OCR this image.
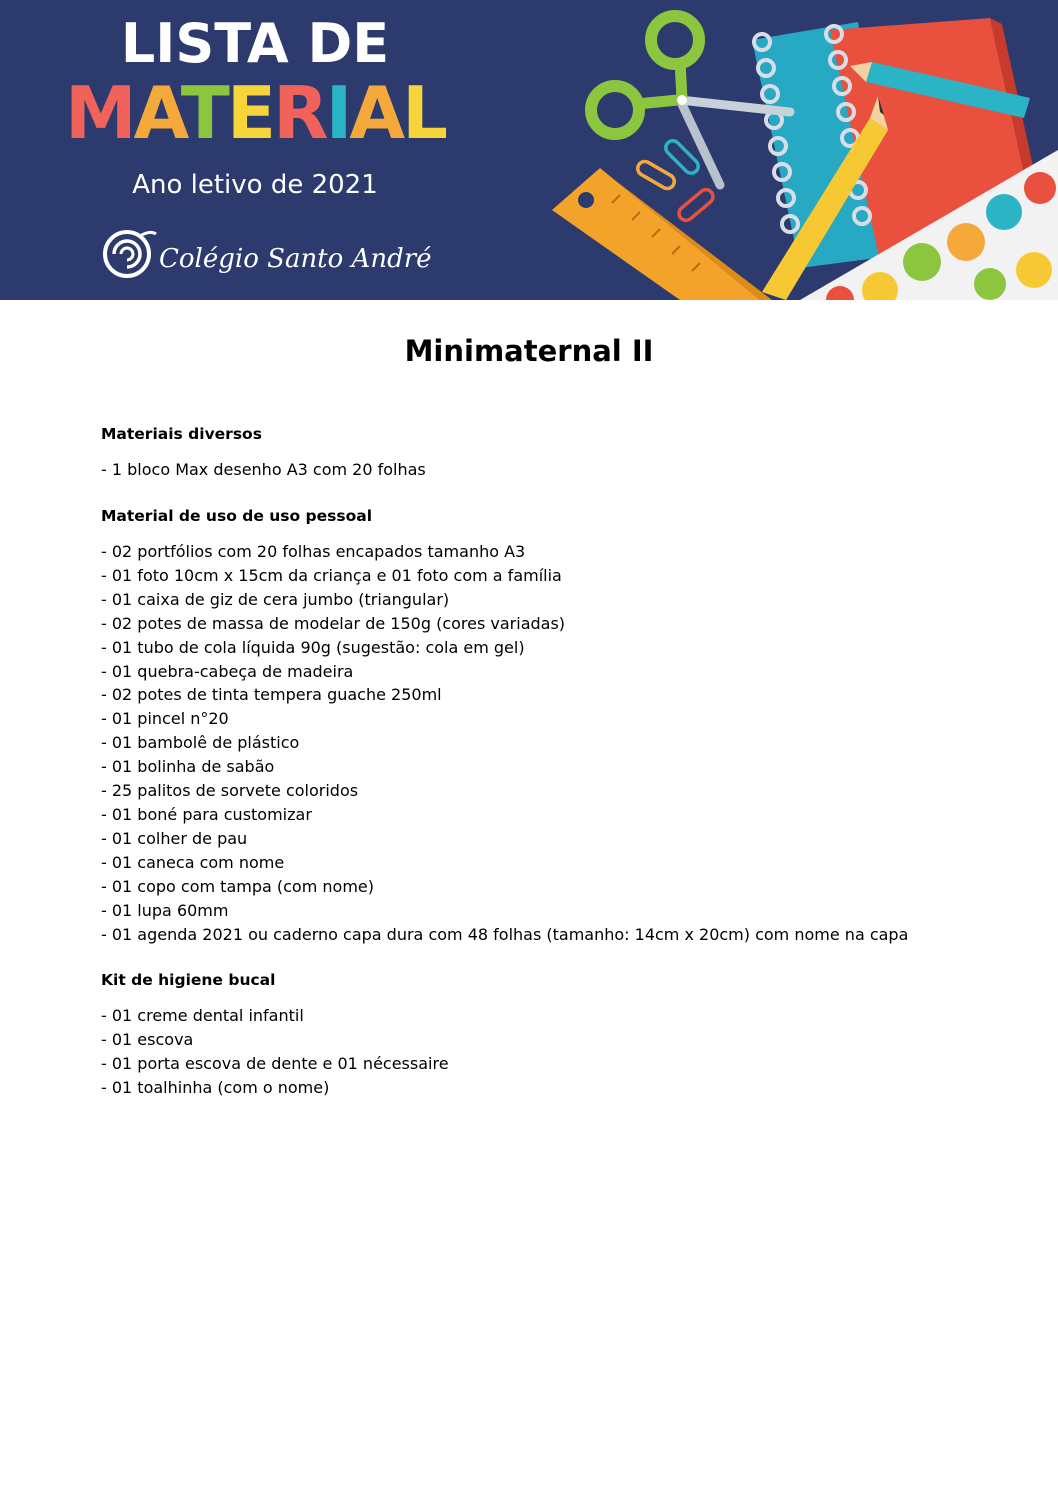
LISTA DE
MATERIAL
Ano letivo de 2021
Colégio Santo André
Minimaternal II
Materiais diversos
- 1 bloco Max desenho A3 com 20 folhas
Material de uso de uso pessoal
- 02 portfólios com 20 folhas encapados tamanho A3
- 01 foto 10cm x 15cm da criança e 01 foto com a família
- 01 caixa de giz de cera jumbo (triangular)
- 02 potes de massa de modelar de 150g (cores variadas)
- 01 tubo de cola líquida 90g (sugestão: cola em gel)
- 01 quebra-cabeça de madeira
- 02 potes de tinta tempera guache 250ml
- 01 pincel n°20
- 01 bambolê de plástico
- 01 bolinha de sabão
- 25 palitos de sorvete coloridos
- 01 boné para customizar
- 01 colher de pau
- 01 caneca com nome
- 01 copo com tampa (com nome)
- 01 lupa 60mm
- 01 agenda 2021 ou caderno capa dura com 48 folhas (tamanho: 14cm x 20cm) com nome na capa
Kit de higiene bucal
- 01 creme dental infantil
- 01 escova
- 01 porta escova de dente e 01 nécessaire
- 01 toalhinha (com o nome)
